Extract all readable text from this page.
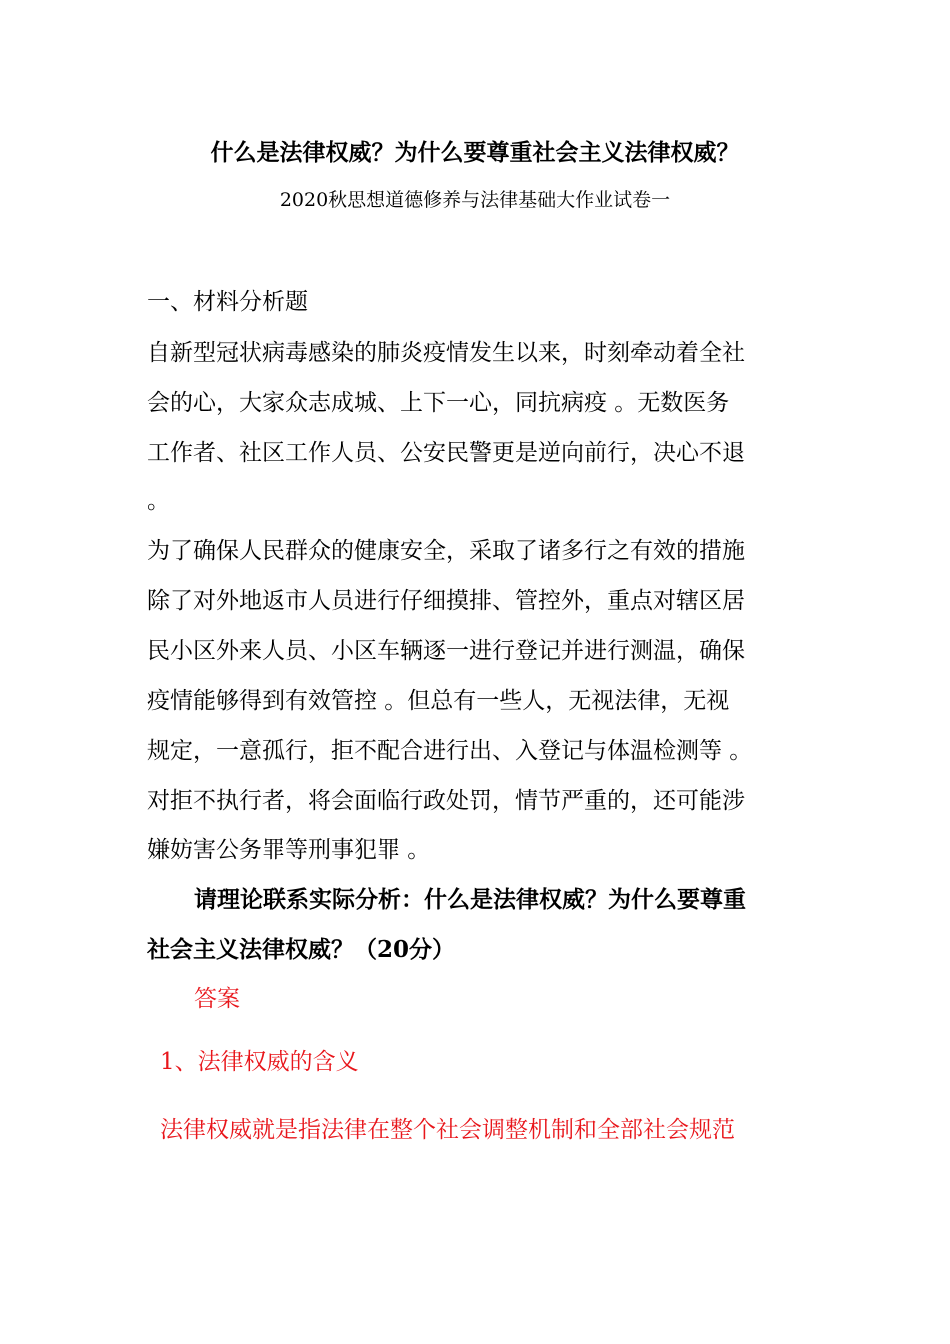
什么是法律权威？为什么要尊重社会主义法律权威？
2020秋思想道德修养与法律基础大作业试卷一
一、材料分析题
自新型冠状病毒感染的肺炎疫情发生以来，时刻牵动着全社
会的心，大家众志成城、上下一心，同抗病疫 。无数医务
工作者、社区工作人员、公安民警更是逆向前行，决心不退
。
为了确保人民群众的健康安全，采取了诸多行之有效的措施
除了对外地返市人员进行仔细摸排、管控外，重点对辖区居
民小区外来人员、小区车辆逐一进行登记并进行测温，确保
疫情能够得到有效管控 。但总有一些人，无视法律，无视
规定，一意孤行，拒不配合进行出、入登记与体温检测等 。
对拒不执行者，将会面临行政处罚，情节严重的，还可能涉
嫌妨害公务罪等刑事犯罪 。
请理论联系实际分析：什么是法律权威？为什么要尊重
社会主义法律权威？（20分）
答案
1、法律权威的含义
法律权威就是指法律在整个社会调整机制和全部社会规范
